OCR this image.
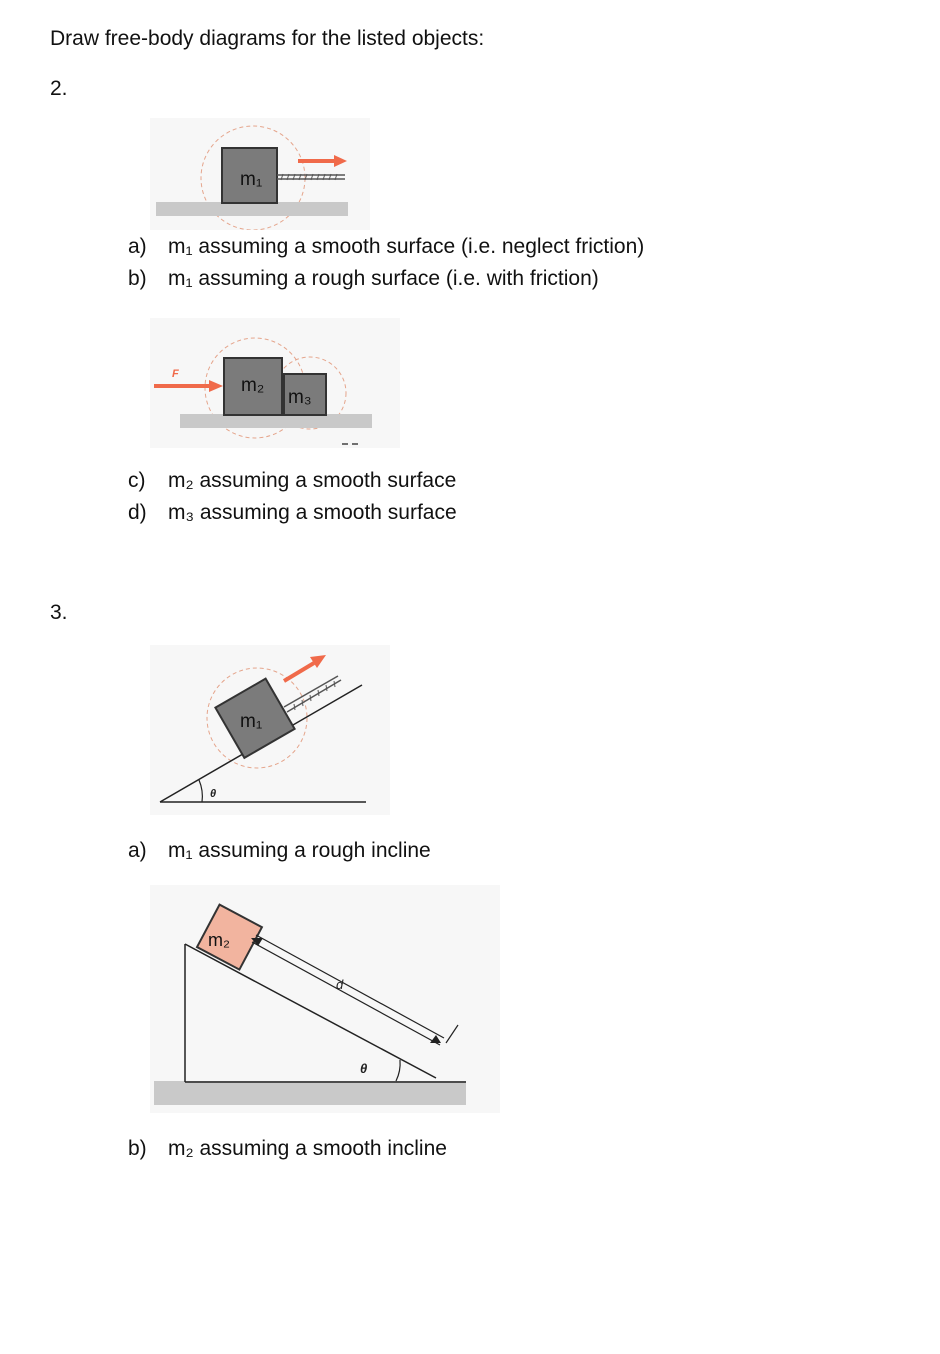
Draw free-body diagrams for the listed objects:
2.
m₁
a) m₁ assuming a smooth surface (i.e. neglect friction)
b) m₁ assuming a rough surface (i.e. with friction)
F
m₂
m₃
c) m₂ assuming a smooth surface
d) m₃ assuming a smooth surface
3.
θ
m₁
a) m₁ assuming a rough incline
θ
d
m₂
b) m₂ assuming a smooth incline
